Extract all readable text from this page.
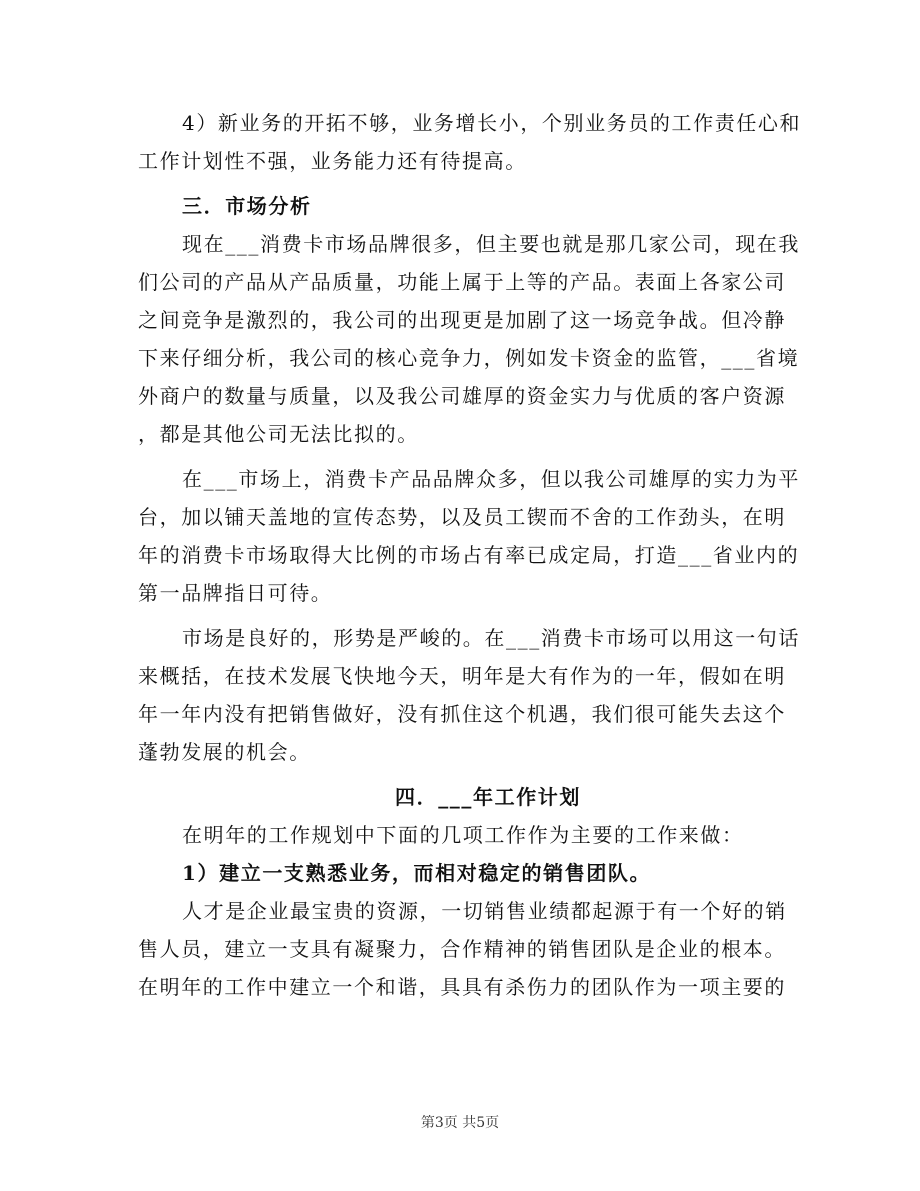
4）新业务的开拓不够，业务增长小，个别业务员的工作责任心和
工作计划性不强，业务能力还有待提高。
三．市场分析
现在___消费卡市场品牌很多，但主要也就是那几家公司，现在我
们公司的产品从产品质量，功能上属于上等的产品。表面上各家公司
之间竞争是激烈的，我公司的出现更是加剧了这一场竞争战。但冷静
下来仔细分析，我公司的核心竞争力，例如发卡资金的监管，___省境
外商户的数量与质量，以及我公司雄厚的资金实力与优质的客户资源
，都是其他公司无法比拟的。
在___市场上，消费卡产品品牌众多，但以我公司雄厚的实力为平
台，加以铺天盖地的宣传态势，以及员工锲而不舍的工作劲头，在明
年的消费卡市场取得大比例的市场占有率已成定局，打造___省业内的
第一品牌指日可待。
市场是良好的，形势是严峻的。在___消费卡市场可以用这一句话
来概括，在技术发展飞快地今天，明年是大有作为的一年，假如在明
年一年内没有把销售做好，没有抓住这个机遇，我们很可能失去这个
蓬勃发展的机会。
四．___年工作计划
在明年的工作规划中下面的几项工作作为主要的工作来做：
1）建立一支熟悉业务，而相对稳定的销售团队。
人才是企业最宝贵的资源，一切销售业绩都起源于有一个好的销
售人员，建立一支具有凝聚力，合作精神的销售团队是企业的根本。
在明年的工作中建立一个和谐，具具有杀伤力的团队作为一项主要的
第3页 共5页
